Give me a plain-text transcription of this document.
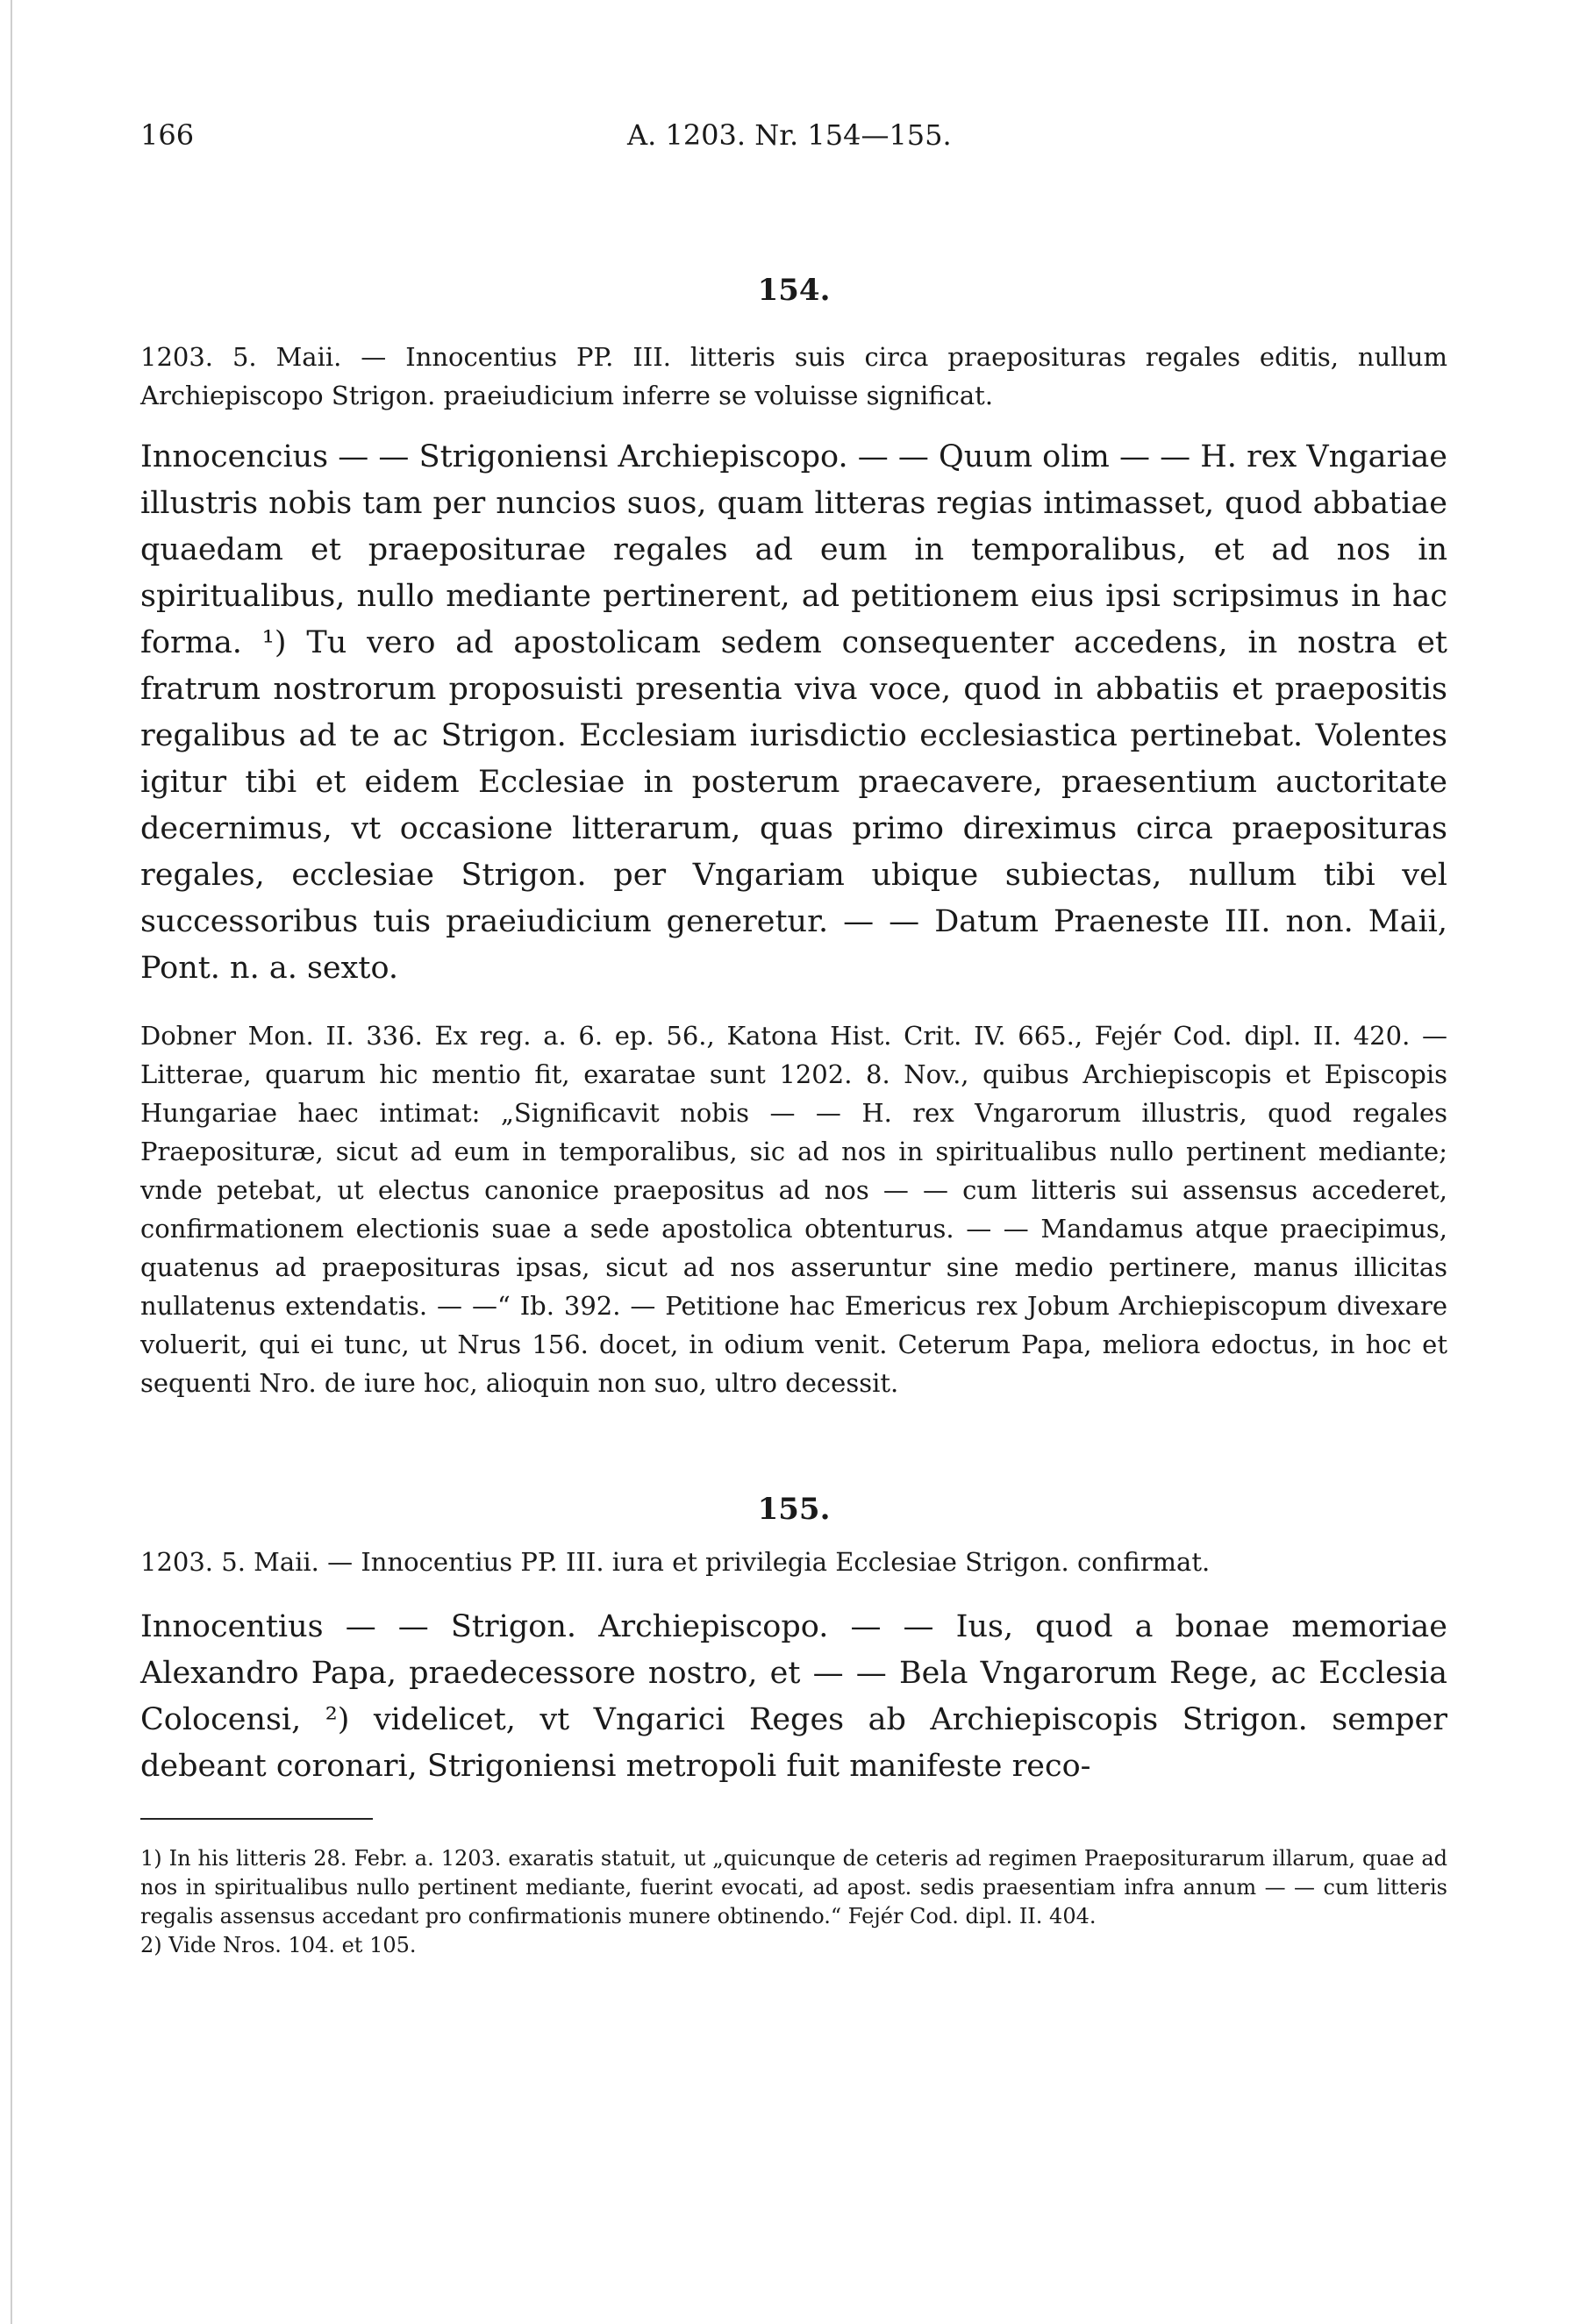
166	A. 1203. Nr. 154—155.

154.

1203. 5. Maii. — Innocentius PP. III. litteris suis circa praeposituras regales editis, nullum Archiepiscopo Strigon. praeiudicium inferre se voluisse significat.

Innocencius — — Strigoniensi Archiepiscopo. — — Quum olim — — H. rex Vngariae illustris nobis tam per nuncios suos, quam litteras regias intimasset, quod abbatiae quaedam et praepositurae regales ad eum in temporalibus, et ad nos in spiritualibus, nullo mediante pertinerent, ad petitionem eius ipsi scripsimus in hac forma. ¹) Tu vero ad apostolicam sedem consequenter accedens, in nostra et fratrum nostrorum proposuisti presentia viva voce, quod in abbatiis et praepositis regalibus ad te ac Strigon. Ecclesiam iurisdictio ecclesiastica pertinebat. Volentes igitur tibi et eidem Ecclesiae in posterum praecavere, praesentium auctoritate decernimus, vt occasione litterarum, quas primo direximus circa praeposituras regales, ecclesiae Strigon. per Vngariam ubique subiectas, nullum tibi vel successoribus tuis praeiudicium generetur. — — Datum Praeneste III. non. Maii, Pont. n. a. sexto.

Dobner Mon. II. 336. Ex reg. a. 6. ep. 56., Katona Hist. Crit. IV. 665., Fejér Cod. dipl. II. 420. — Litterae, quarum hic mentio fit, exaratae sunt 1202. 8. Nov., quibus Archiepiscopis et Episcopis Hungariae haec intimat: „Significavit nobis — — H. rex Vngarorum illustris, quod regales Praeposituræ, sicut ad eum in temporalibus, sic ad nos in spiritualibus nullo pertinent mediante; vnde petebat, ut electus canonice praepositus ad nos — — cum litteris sui assensus accederet, confirmationem electionis suae a sede apostolica obtenturus. — — Mandamus atque praecipimus, quatenus ad praeposituras ipsas, sicut ad nos asseruntur sine medio pertinere, manus illicitas nullatenus extendatis. — —“ Ib. 392. — Petitione hac Emericus rex Jobum Archiepiscopum divexare voluerit, qui ei tunc, ut Nrus 156. docet, in odium venit. Ceterum Papa, meliora edoctus, in hoc et sequenti Nro. de iure hoc, alioquin non suo, ultro decessit.

155.

1203. 5. Maii. — Innocentius PP. III. iura et privilegia Ecclesiae Strigon. confirmat.

Innocentius — — Strigon. Archiepiscopo. — — Ius, quod a bonae memoriae Alexandro Papa, praedecessore nostro, et — — Bela Vngarorum Rege, ac Ecclesia Colocensi, ²) videlicet, vt Vngarici Reges ab Archiepiscopis Strigon. semper debeant coronari, Strigoniensi metropoli fuit manifeste reco-

1) In his litteris 28. Febr. a. 1203. exaratis statuit, ut „quicunque de ceteris ad regimen Praepositurarum illarum, quae ad nos in spiritualibus nullo pertinent mediante, fuerint evocati, ad apost. sedis praesentiam infra annum — — cum litteris regalis assensus accedant pro confirmationis munere obtinendo.“ Fejér Cod. dipl. II. 404.

2) Vide Nros. 104. et 105.
